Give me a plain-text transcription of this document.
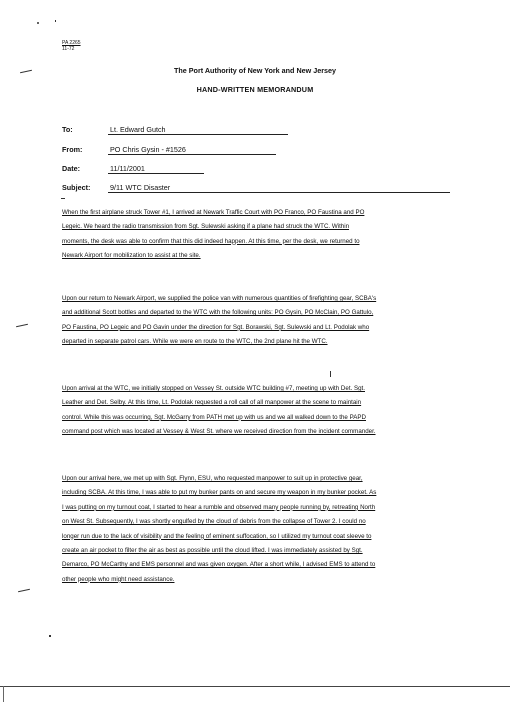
PA 2265
11-72
The Port Authority of New York and New Jersey
HAND-WRITTEN MEMORANDUM
To:	Lt. Edward Gutch
From:	PO Chris Gysin - #1526
Date:	11/11/2001
Subject:	9/11 WTC Disaster
When the first airplane struck Tower #1, I arrived at Newark Traffic Court with PO Franco, PO Faustina and PO
Legeic. We heard the radio transmission from Sgt. Sulewski asking if a plane had struck the WTC. Within
moments, the desk was able to confirm that this did indeed happen. At this time, per the desk, we returned to
Newark Airport for mobilization to assist at the site.
Upon our return to Newark Airport, we supplied the police van with numerous quantities of firefighting gear, SCBA's
and additional Scott bottles and departed to the WTC with the following units: PO Gysin, PO McClain, PO Gattulo,
PO Faustina, PO Legeic and PO Gavin under the direction for Sgt. Borawski, Sgt. Sulewski and Lt. Podolak who
departed in separate patrol cars. While we were en route to the WTC, the 2nd plane hit the WTC.
Upon arrival at the WTC, we initially stopped on Vessey St. outside WTC building #7, meeting up with Det. Sgt.
Leather and Det. Selby. At this time, Lt. Podolak requested a roll call of all manpower at the scene to maintain
control. While this was occurring, Sgt. McGarry from PATH met up with us and we all walked down to the PAPD
command post which was located at Vessey & West St. where we received direction from the incident commander.
Upon our arrival here, we met up with Sgt. Flynn, ESU, who requested manpower to suit up in protective gear,
including SCBA. At this time, I was able to put my bunker pants on and secure my weapon in my bunker pocket. As
I was putting on my turnout coat, I started to hear a rumble and observed many people running by, retreating North
on West St. Subsequently, I was shortly engulfed by the cloud of debris from the collapse of Tower 2. I could no
longer run due to the lack of visibility and the feeling of eminent suffocation, so I utilized my turnout coat sleeve to
create an air pocket to filter the air as best as possible until the cloud lifted. I was immediately assisted by Sgt.
Demarco, PO McCarthy and EMS personnel and was given oxygen. After a short while, I advised EMS to attend to
other people who might need assistance.
